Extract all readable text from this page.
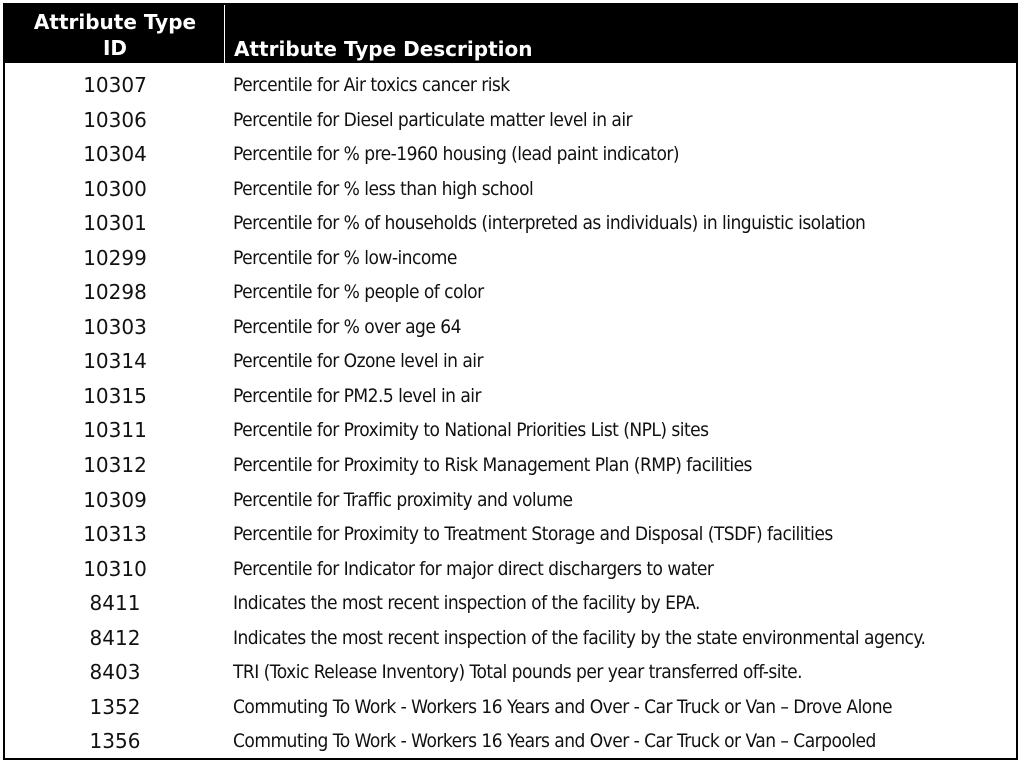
Attribute Type
ID	Attribute Type Description
10307	Percentile for Air toxics cancer risk
10306	Percentile for Diesel particulate matter level in air
10304	Percentile for % pre-1960 housing (lead paint indicator)
10300	Percentile for % less than high school
10301	Percentile for % of households (interpreted as individuals) in linguistic isolation
10299	Percentile for % low-income
10298	Percentile for % people of color
10303	Percentile for % over age 64
10314	Percentile for Ozone level in air
10315	Percentile for PM2.5 level in air
10311	Percentile for Proximity to National Priorities List (NPL) sites
10312	Percentile for Proximity to Risk Management Plan (RMP) facilities
10309	Percentile for Traffic proximity and volume
10313	Percentile for Proximity to Treatment Storage and Disposal (TSDF) facilities
10310	Percentile for Indicator for major direct dischargers to water
8411	Indicates the most recent inspection of the facility by EPA.
8412	Indicates the most recent inspection of the facility by the state environmental agency.
8403	TRI (Toxic Release Inventory) Total pounds per year transferred off-site.
1352	Commuting To Work - Workers 16 Years and Over - Car Truck or Van – Drove Alone
1356	Commuting To Work - Workers 16 Years and Over - Car Truck or Van – Carpooled
